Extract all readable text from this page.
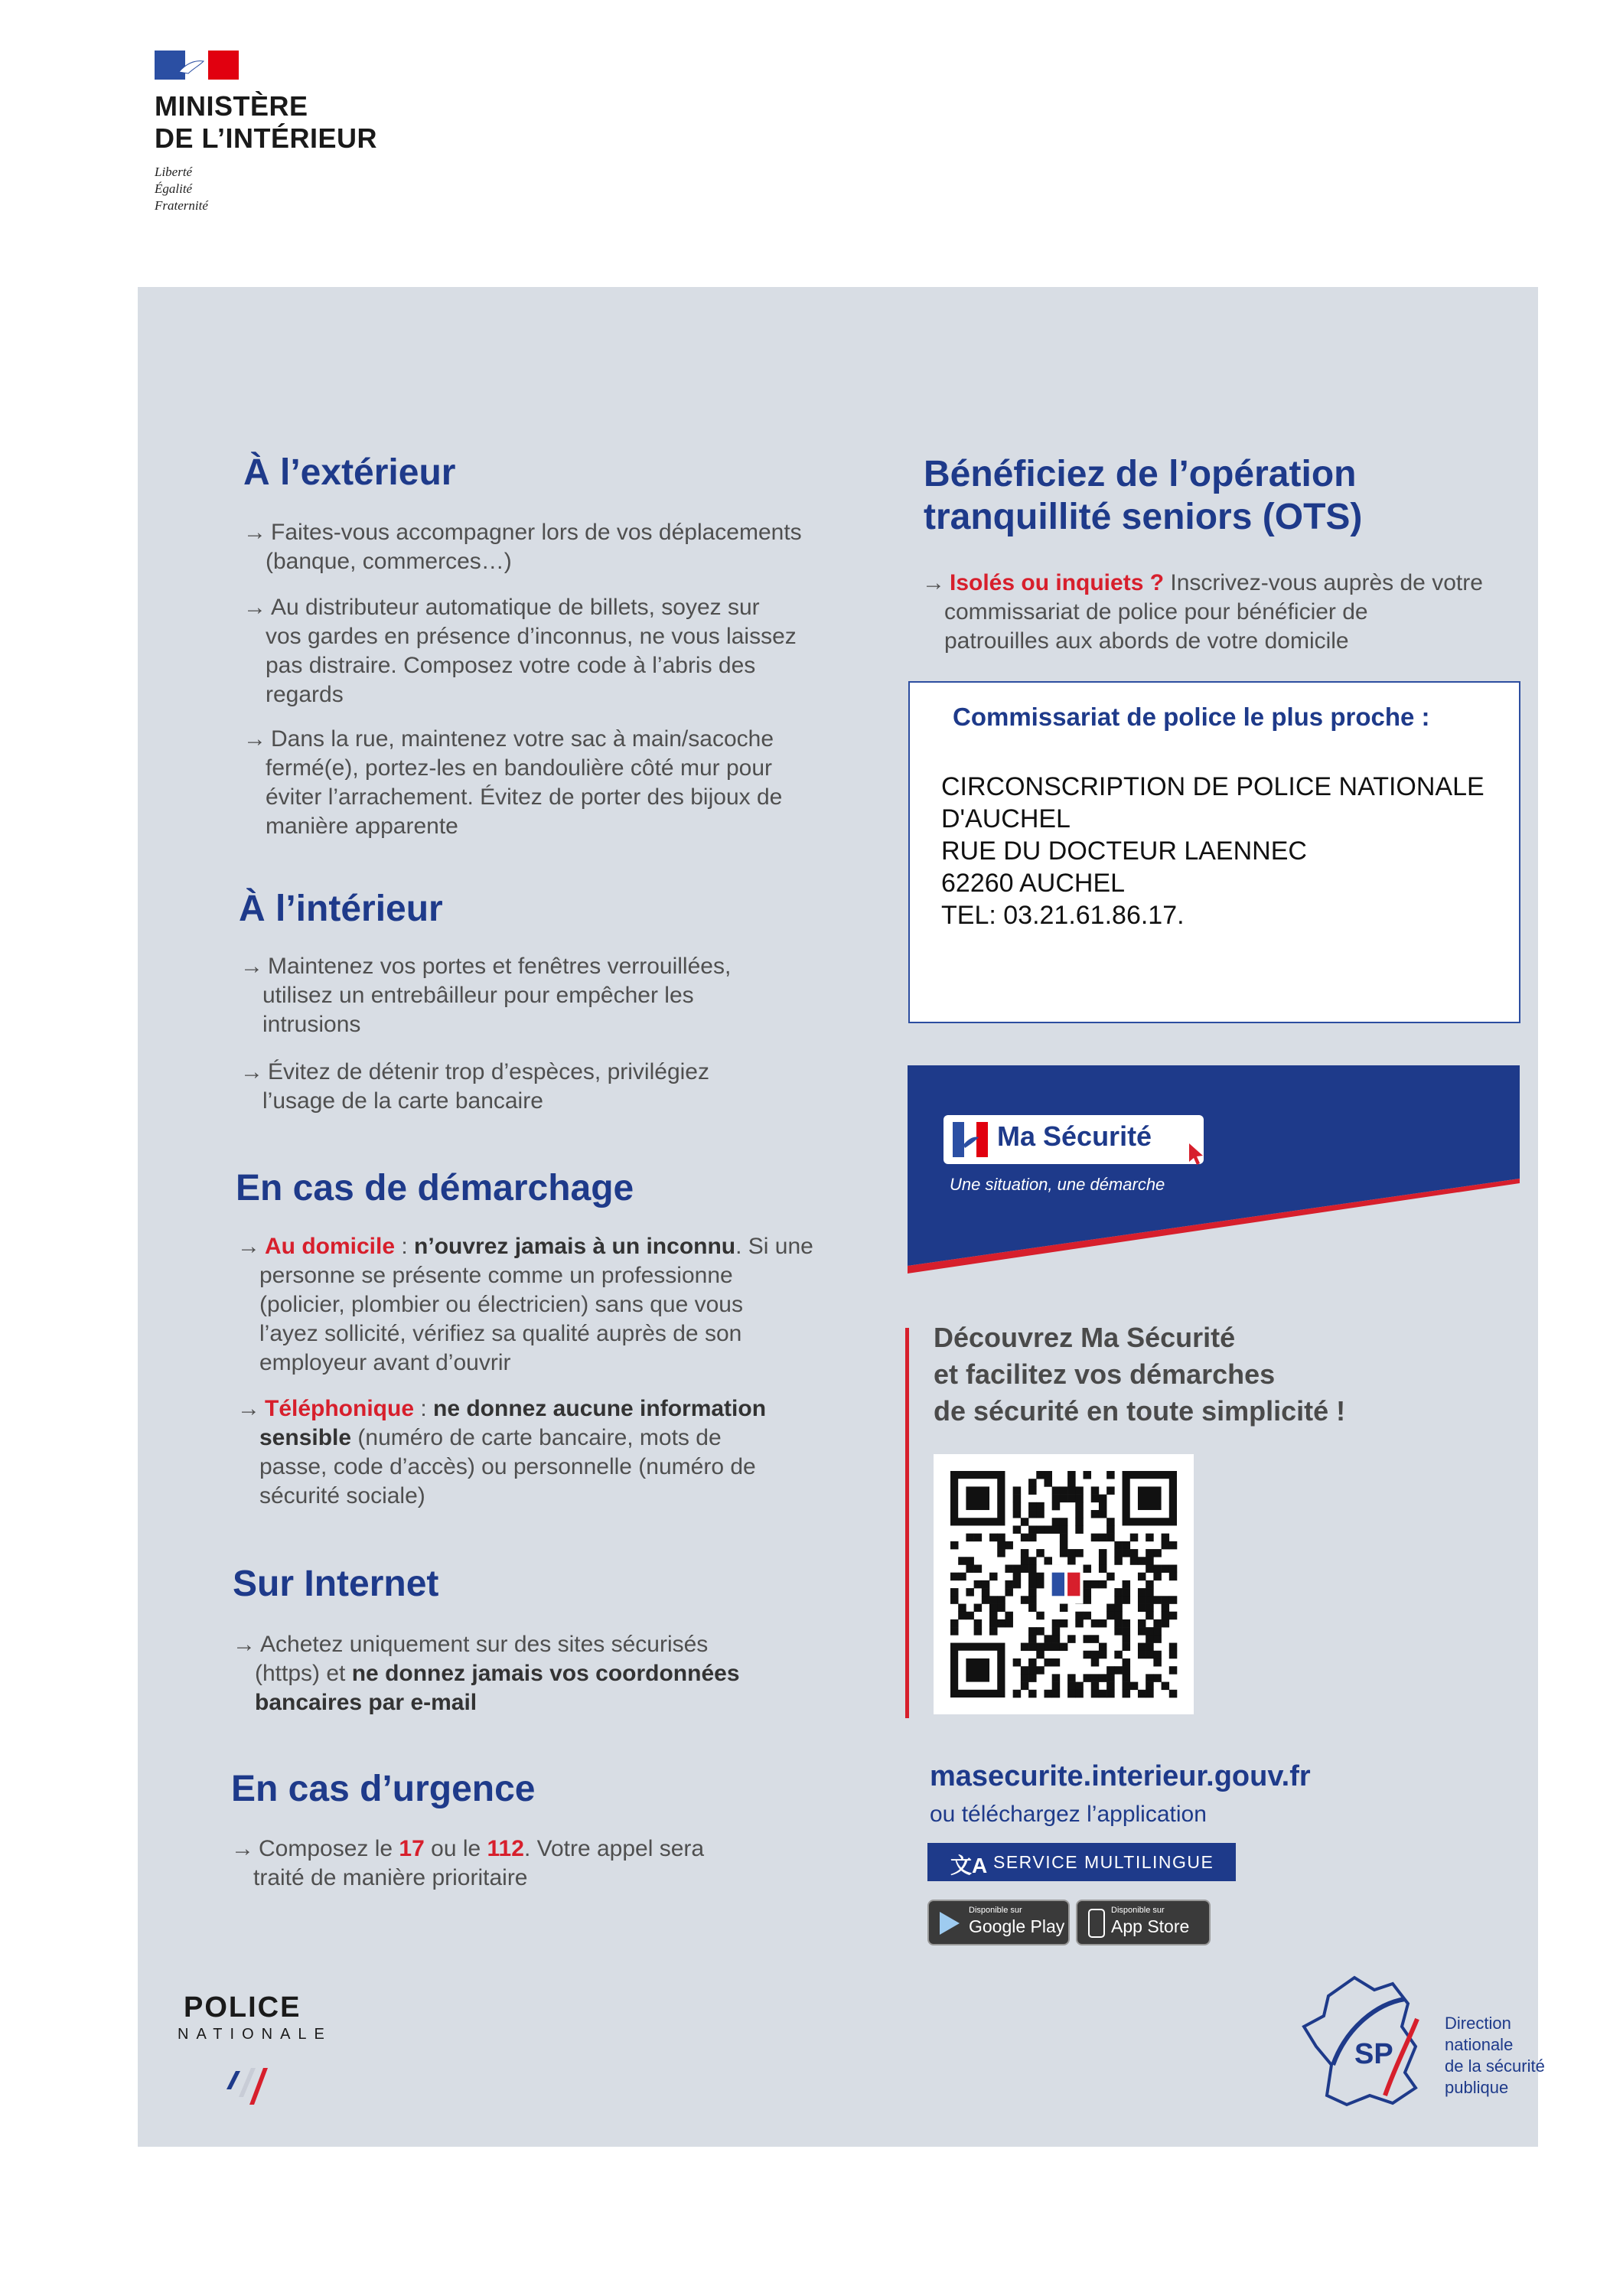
MINISTÈRE
DE L’INTÉRIEUR
Liberté
Égalité
Fraternité
À l’extérieur

→ Faites-vous accompagner lors de vos déplacements
(banque, commerces…)

→ Au distributeur automatique de billets, soyez sur
vos gardes en présence d’inconnus, ne vous laissez
pas distraire. Composez votre code à l’abris des
regards

→ Dans la rue, maintenez votre sac à main/sacoche
fermé(e), portez-les en bandoulière côté mur pour
éviter l’arrachement. Évitez de porter des bijoux de
manière apparente

À l’intérieur

→ Maintenez vos portes et fenêtres verrouillées,
utilisez un entrebâilleur pour empêcher les
intrusions

→ Évitez de détenir trop d’espèces, privilégiez
l’usage de la carte bancaire

En cas de démarchage

→ Au domicile : n’ouvrez jamais à un inconnu. Si une
personne se présente comme un professionne
(policier, plombier ou électricien) sans que vous
l’ayez sollicité, vérifiez sa qualité auprès de son
employeur avant d’ouvrir

→ Téléphonique : ne donnez aucune information
sensible (numéro de carte bancaire, mots de
passe, code d’accès) ou personnelle (numéro de
sécurité sociale)

Sur Internet

→ Achetez uniquement sur des sites sécurisés
(https) et ne donnez jamais vos coordonnées
bancaires par e-mail

En cas d’urgence

→ Composez le 17 ou le 112. Votre appel sera
traité de manière prioritaire

Bénéficiez de l’opération
tranquillité seniors (OTS)

→ Isolés ou inquiets ? Inscrivez-vous auprès de votre
commissariat de police pour bénéficier de
patrouilles aux abords de votre domicile

Commissariat de police le plus proche :
CIRCONSCRIPTION DE POLICE NATIONALE
D'AUCHEL
RUE DU DOCTEUR LAENNEC
62260 AUCHEL
TEL: 03.21.61.86.17.
Ma Sécurité
Une situation, une démarche
Découvrez Ma Sécurité
et facilitez vos démarches
de sécurité en toute simplicité !
masecurite.interieur.gouv.fr
ou téléchargez l’application
文A SERVICE MULTILINGUE
Disponible sur
Google Play
Disponible sur
App Store
POLICE
NATIONALE
SP
Direction
nationale
de la sécurité
publique
